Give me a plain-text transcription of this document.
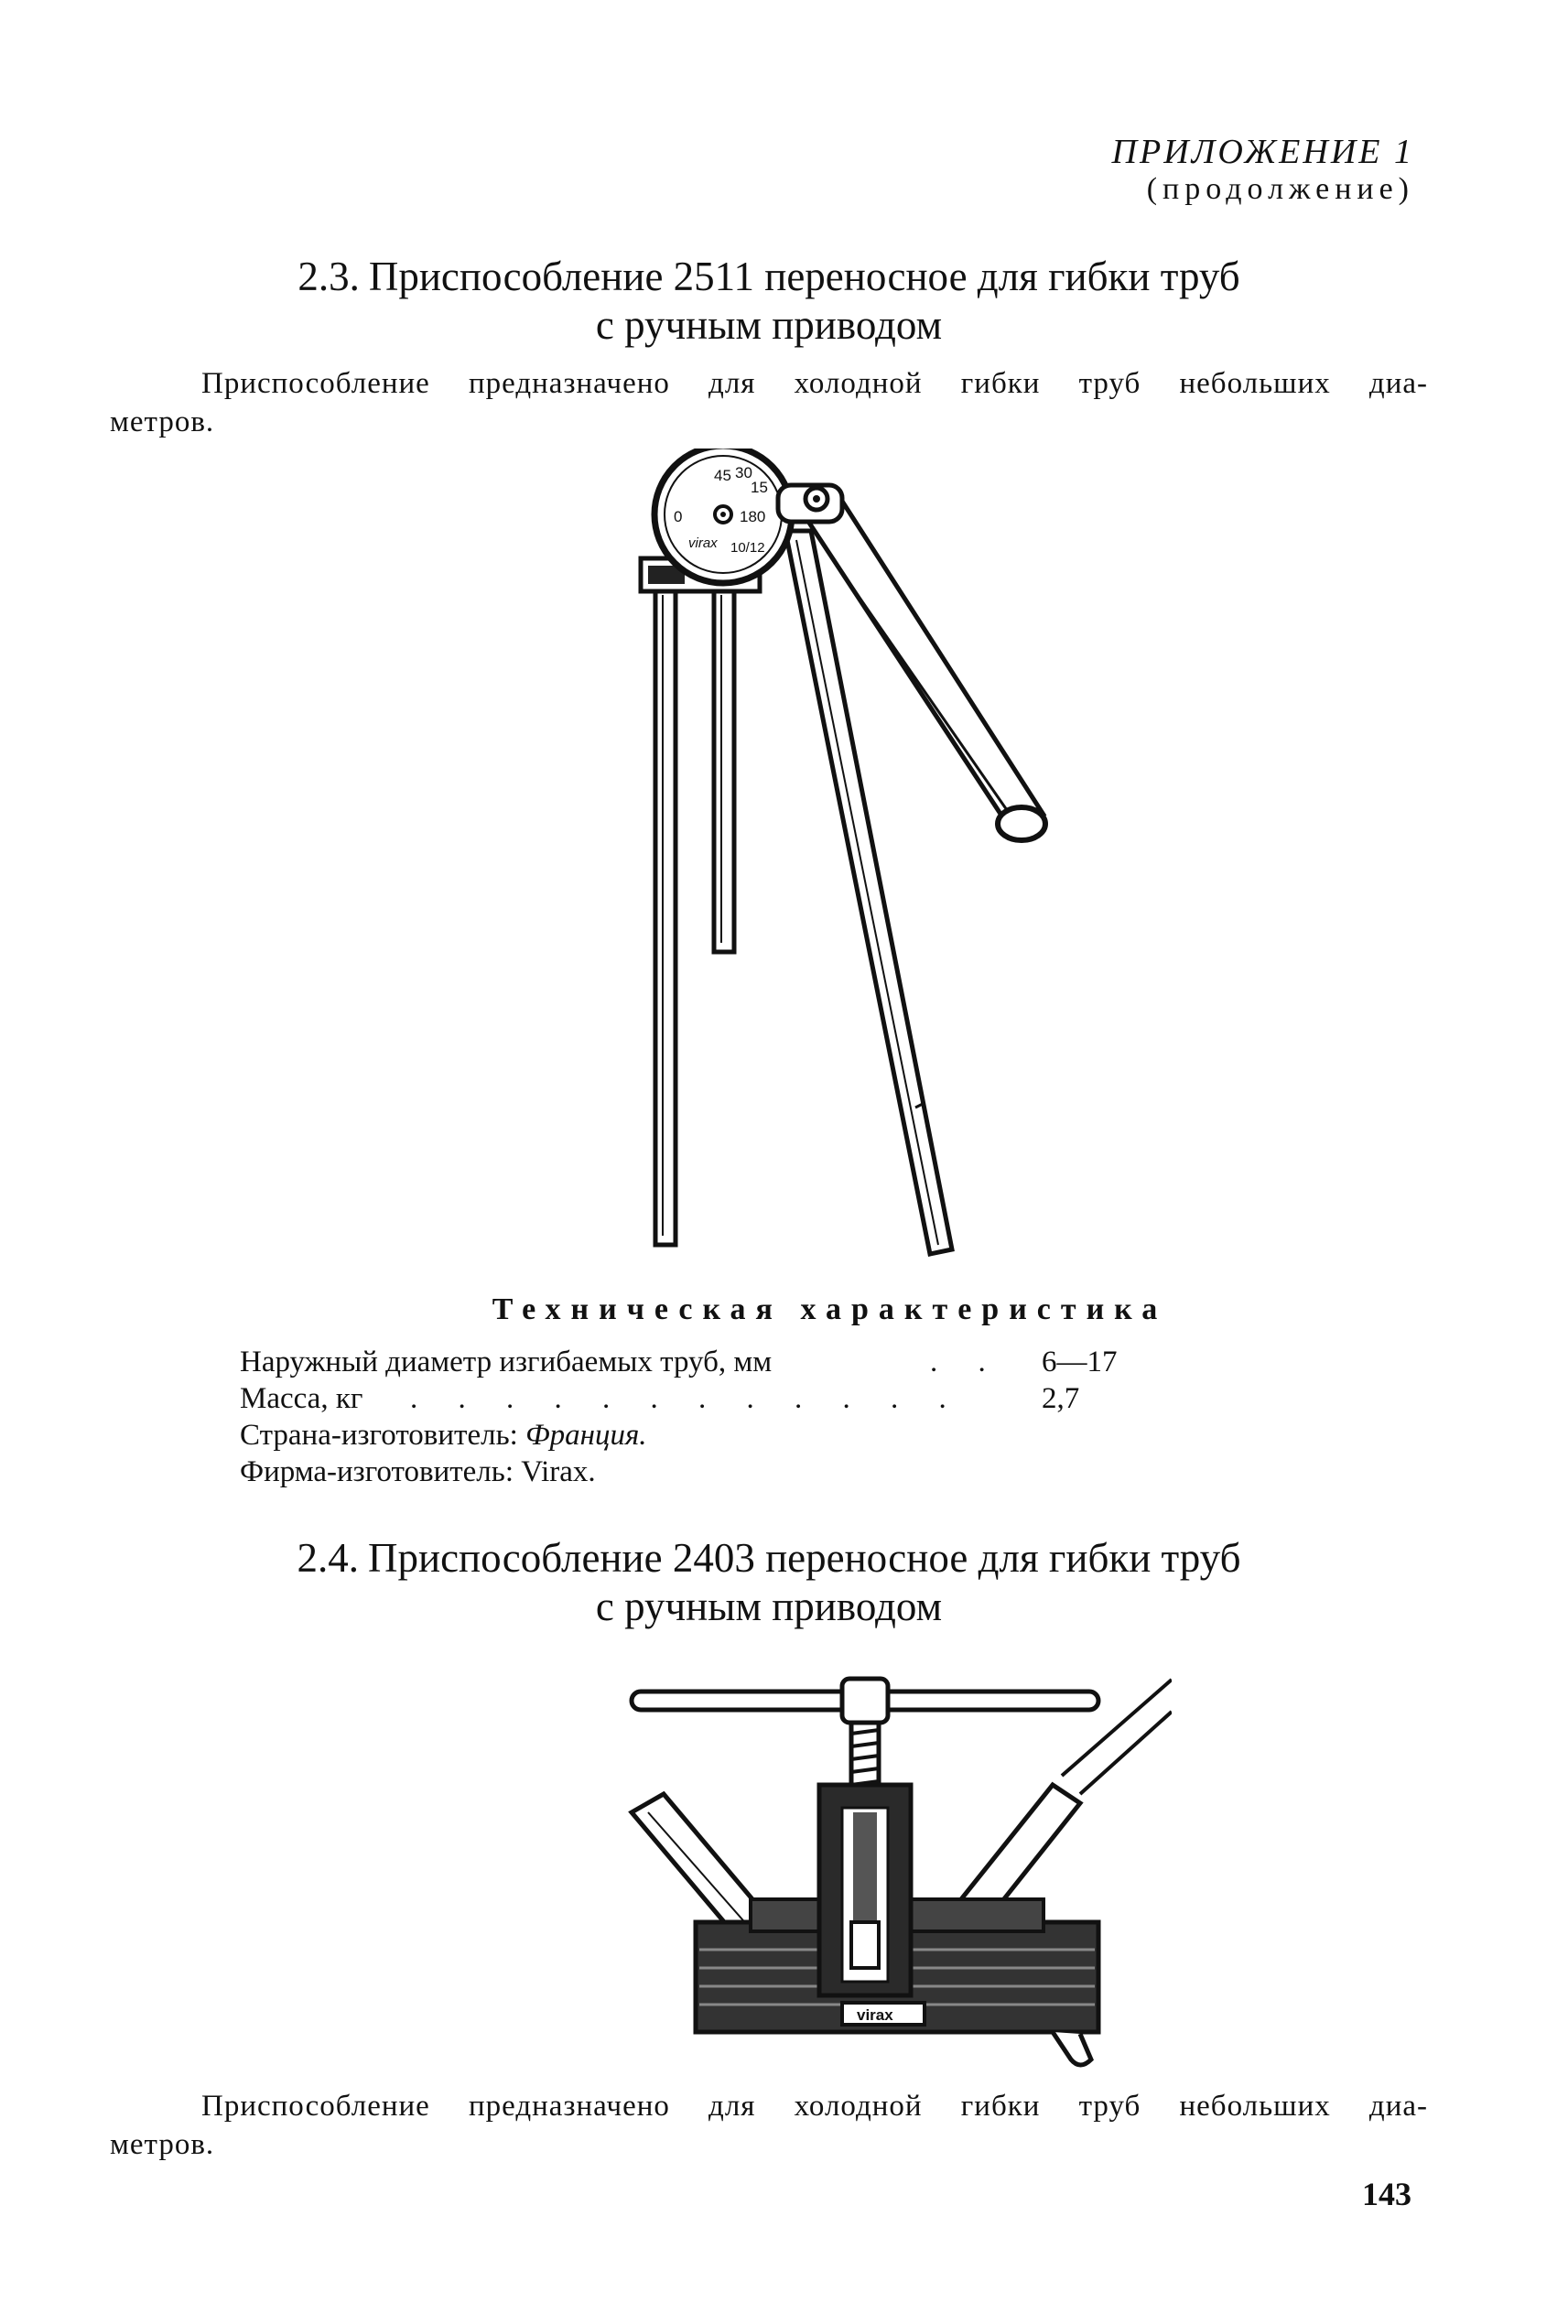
ПРИЛОЖЕНИЕ 1
(продолжение)
2.3. Приспособление 2511 переносное для гибки труб
с ручным приводом
Приспособление предназначено для холодной гибки труб небольших диа-
метров.
45 30
15
0	180
10/12
virax
Техническая характеристика
Наружный диаметр изгибаемых труб, мм	. . 6—17
Масса, кг . . . . . . . . . . . .	2,7
Страна-изготовитель: Франция.
Фирма-изготовитель: Virax.
2.4. Приспособление 2403 переносное для гибки труб
с ручным приводом
virax
Приспособление предназначено для холодной гибки труб небольших диа-
метров.
143
